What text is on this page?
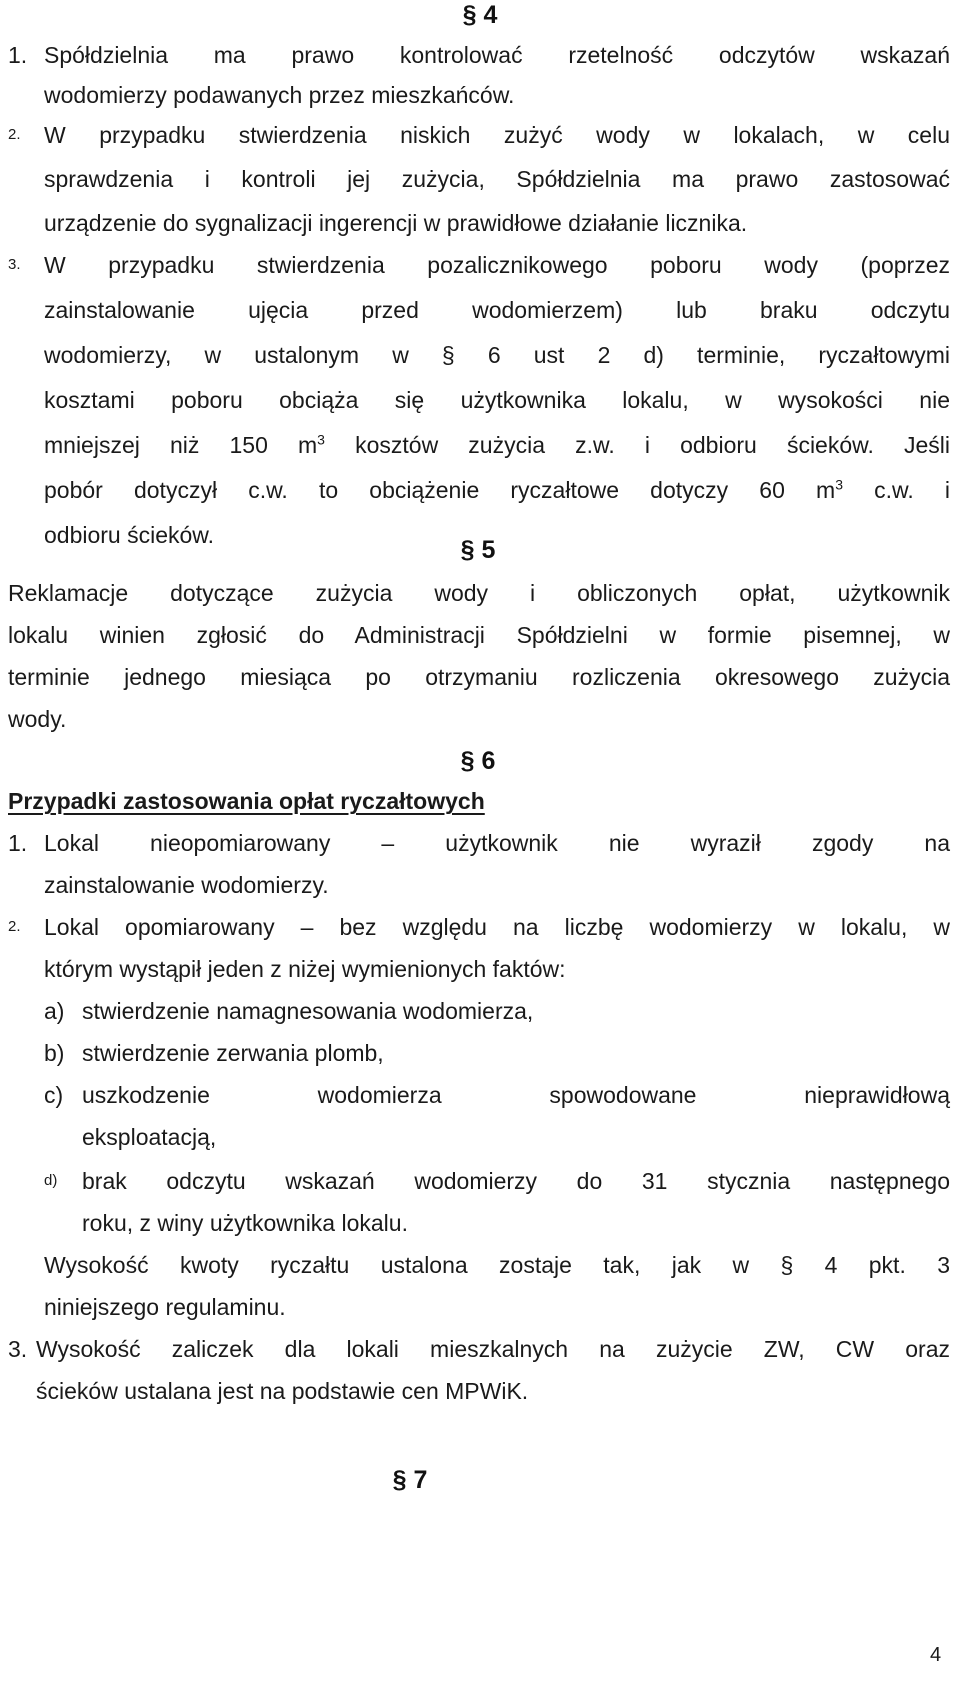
§ 4
1. Spółdzielnia ma prawo kontrolować rzetelność odczytów wskazań
wodomierzy podawanych przez mieszkańców.
2. W przypadku stwierdzenia niskich zużyć wody w lokalach, w celu
sprawdzenia i kontroli jej zużycia, Spółdzielnia ma prawo zastosować
urządzenie do sygnalizacji ingerencji w prawidłowe działanie licznika.
3. W przypadku stwierdzenia pozalicznikowego poboru wody (poprzez
zainstalowanie ujęcia przed wodomierzem) lub braku odczytu
wodomierzy, w ustalonym w § 6 ust 2 d) terminie, ryczałtowymi
kosztami poboru obciąża się użytkownika lokalu, w wysokości nie
mniejszej niż 150 $m^3$ kosztów zużycia z.w. i odbioru ścieków. Jeśli
pobór dotyczył c.w. to obciążenie ryczałtowe dotyczy 60 $m^3$ c.w. i
odbioru ścieków.
§ 5
Reklamacje dotyczące zużycia wody i obliczonych opłat, użytkownik
lokalu winien zgłosić do Administracji Spółdzielni w formie pisemnej, w
terminie jednego miesiąca po otrzymaniu rozliczenia okresowego zużycia
wody.
§ 6
Przypadki zastosowania opłat ryczałtowych
1. Lokal nieopomiarowany – użytkownik nie wyraził zgody na
zainstalowanie wodomierzy.
2. Lokal opomiarowany – bez względu na liczbę wodomierzy w lokalu, w
którym wystąpił jeden z niżej wymienionych faktów:
a) stwierdzenie namagnesowania wodomierza,
b) stwierdzenie zerwania plomb,
c) uszkodzenie wodomierza spowodowane nieprawidłową
eksploatacją,
d) brak odczytu wskazań wodomierzy do 31 stycznia następnego
roku, z winy użytkownika lokalu.
Wysokość kwoty ryczałtu ustalona zostaje tak, jak w § 4 pkt. 3
niniejszego regulaminu.
3. Wysokość zaliczek dla lokali mieszkalnych na zużycie ZW, CW oraz
ścieków ustalana jest na podstawie cen MPWiK.
§ 7
4
